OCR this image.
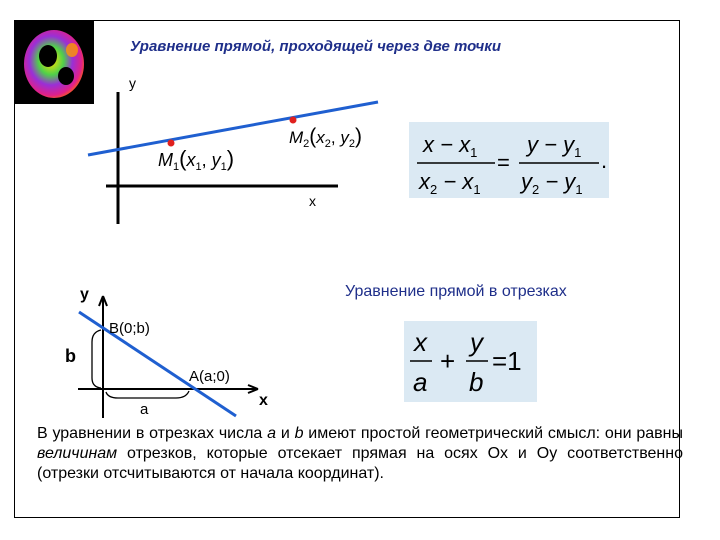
Уравнение прямой, проходящей через две точки
y
x
$M_1(x_1$, $y_1$)
$M_2(x_2$, $y_2$)	$x - x_1$
$x_2 - x_1$
=
$y - y_1$
$y_2 - y_1$
.
Уравнение прямой в отрезках
y
x
B(0;b)
A(a;0)
b
a
x
a
+
y
b
=1
В уравнении в отрезках числа a и b имеют простой геометрический смысл: они равны величинам отрезков, которые отсекает прямая на осях Ox и Oy соответственно (отрезки отсчитываются от начала координат).
